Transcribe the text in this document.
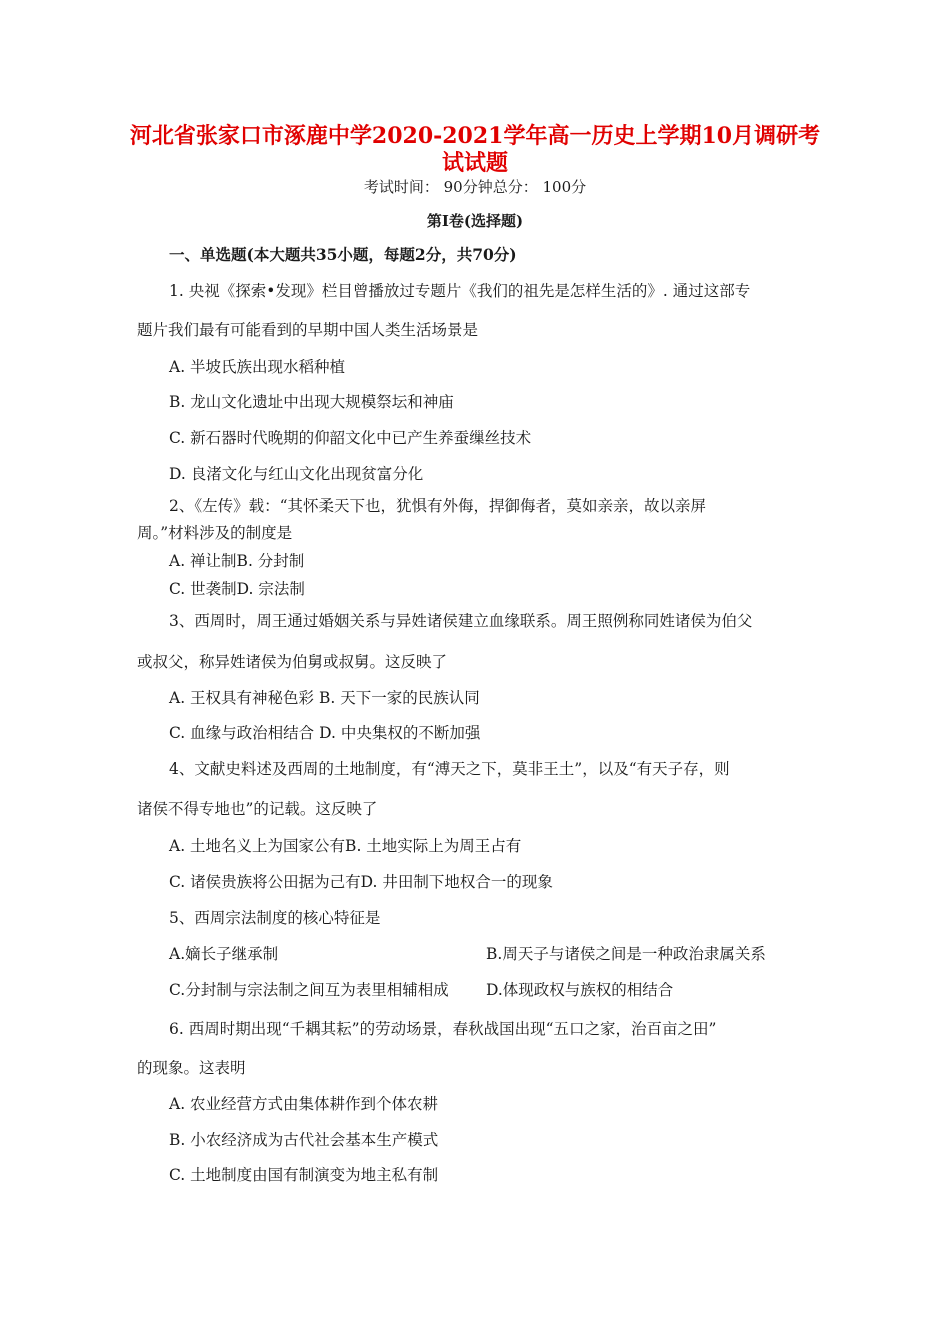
河北省张家口市涿鹿中学2020-2021学年高一历史上学期10月调研考
试试题
考试时间： 90分钟总分： 100分
第Ⅰ卷(选择题)
一、单选题(本大题共35小题，每题2分，共70分)
1. 央视《探索•发现》栏目曾播放过专题片《我们的祖先是怎样生活的》. 通过这部专
题片我们最有可能看到的早期中国人类生活场景是
A. 半坡氏族出现水稻种植
B. 龙山文化遗址中出现大规模祭坛和神庙
C. 新石器时代晚期的仰韶文化中已产生养蚕缫丝技术
D. 良渚文化与红山文化出现贫富分化
2、《左传》载：“其怀柔天下也，犹惧有外侮，捍御侮者，莫如亲亲，故以亲屏
周。”材料涉及的制度是
A. 禅让制B. 分封制
C. 世袭制D. 宗法制
3、西周时，周王通过婚姻关系与异姓诸侯建立血缘联系。周王照例称同姓诸侯为伯父
或叔父，称异姓诸侯为伯舅或叔舅。这反映了
A. 王权具有神秘色彩 B. 天下一家的民族认同
C. 血缘与政治相结合 D. 中央集权的不断加强
4、文献史料述及西周的土地制度，有“溥天之下，莫非王土”，以及“有天子存，则
诸侯不得专地也”的记载。这反映了
A. 土地名义上为国家公有B. 土地实际上为周王占有
C. 诸侯贵族将公田据为己有D. 井田制下地权合一的现象
5、西周宗法制度的核心特征是
A.嫡长子继承制	B.周天子与诸侯之间是一种政治隶属关系
C.分封制与宗法制之间互为表里相辅相成 D.体现政权与族权的相结合
6. 西周时期出现“千耦其耘”的劳动场景，春秋战国出现“五口之家，治百亩之田”
的现象。这表明
A. 农业经营方式由集体耕作到个体农耕
B. 小农经济成为古代社会基本生产模式
C. 土地制度由国有制演变为地主私有制
